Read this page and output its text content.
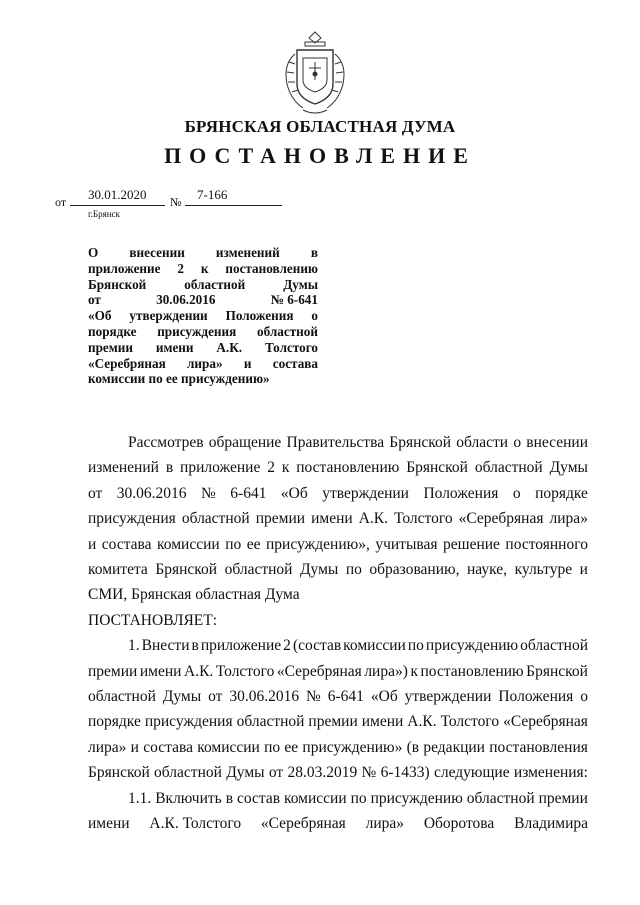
БРЯНСКАЯ ОБЛАСТНАЯ ДУМА
ПОСТАНОВЛЕНИЕ
от 30.01.2020 № 7-166
г.Брянск
О внесении изменений в
приложение 2 к постановлению
Брянской	областной	Думы
от	30.06.2016	№ 6-641
«Об утверждении Положения о
порядке присуждения областной
премии имени А.К. Толстого
«Серебряная лира» и состава
комиссии по ее присуждению»
Рассмотрев обращение Правительства Брянской области о внесении
изменений в приложение 2 к постановлению Брянской областной Думы
от 30.06.2016 № 6-641 «Об утверждении Положения о порядке
присуждения областной премии имени А.К. Толстого «Серебряная лира»
и состава комиссии по ее присуждению», учитывая решение постоянного
комитета Брянской областной Думы по образованию, науке, культуре и
СМИ, Брянская областная Дума
ПОСТАНОВЛЯЕТ:
1. Внести в приложение 2 (состав комиссии по присуждению областной
премии имени А.К. Толстого «Серебряная лира») к постановлению Брянской
областной Думы от 30.06.2016 № 6-641 «Об утверждении Положения о
порядке присуждения областной премии имени А.К. Толстого «Серебряная
лира» и состава комиссии по ее присуждению» (в редакции постановления
Брянской областной Думы от 28.03.2019 № 6-1433) следующие изменения:
1.1. Включить в состав комиссии по присуждению областной премии
имени А.К. Толстого «Серебряная лира» Оборотова Владимира
